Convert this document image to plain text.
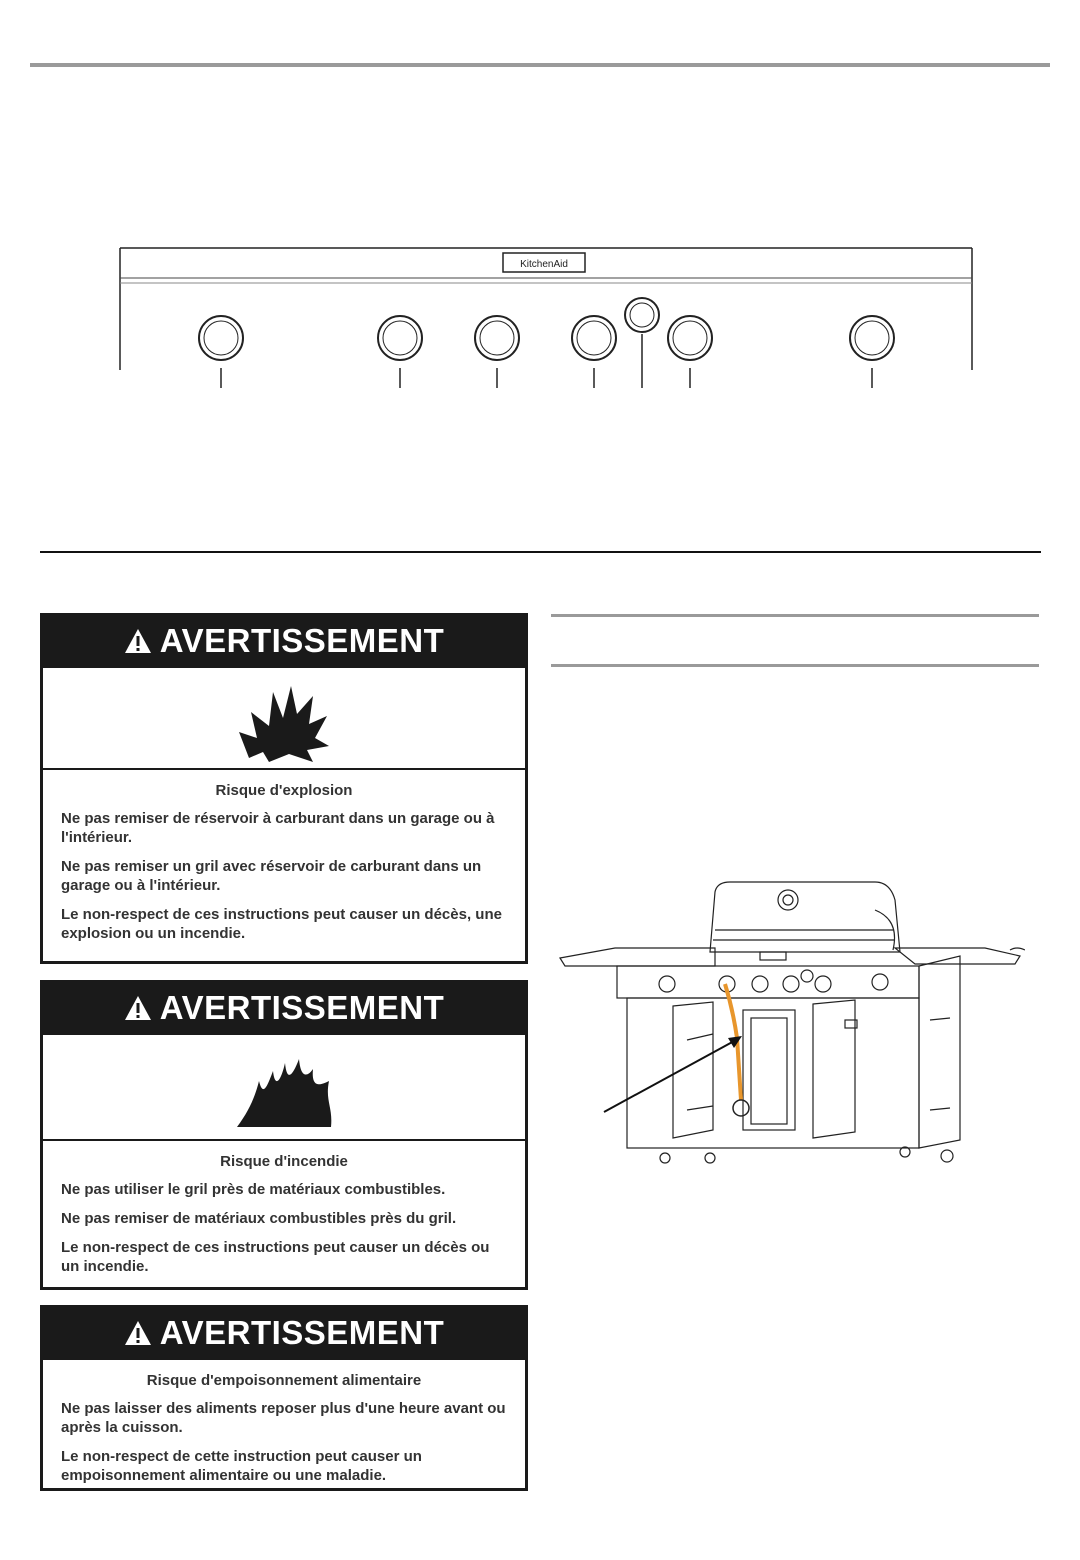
KitchenAid
AVERTISSEMENT
Risque d'explosion

Ne pas remiser de réservoir à carburant dans un garage ou à l'intérieur.

Ne pas remiser un gril avec réservoir de carburant dans un garage ou à l'intérieur.

Le non-respect de ces instructions peut causer un décès, une explosion ou un incendie.

AVERTISSEMENT
Risque d'incendie

Ne pas utiliser le gril près de matériaux combustibles.

Ne pas remiser de matériaux combustibles près du gril.

Le non-respect de ces instructions peut causer un décès ou un incendie.

AVERTISSEMENT
Risque d'empoisonnement alimentaire

Ne pas laisser des aliments reposer plus d'une heure avant ou après la cuisson.

Le non-respect de cette instruction peut causer un empoisonnement alimentaire ou une maladie.
